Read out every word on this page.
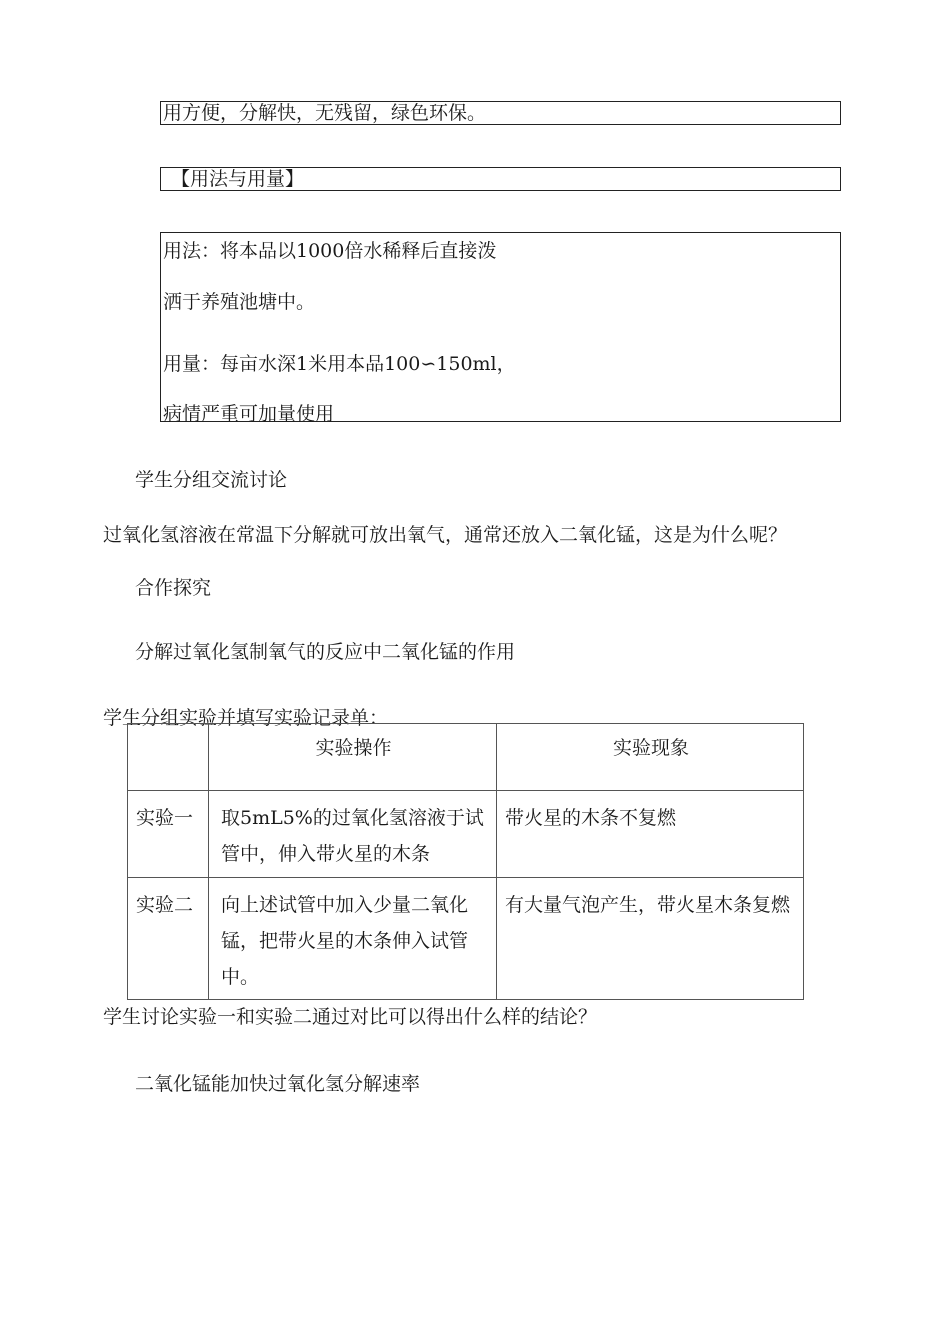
用方便，分解快，无残留，绿色环保。
【用法与用量】
用法：将本品以1000倍水稀释后直接泼
洒于养殖池塘中。
用量：每亩水深1米用本品100∽150ml，
病情严重可加量使用
学生分组交流讨论
过氧化氢溶液在常温下分解就可放出氧气，通常还放入二氧化锰，这是为什么呢？
合作探究
分解过氧化氢制氧气的反应中二氧化锰的作用
学生分组实验并填写实验记录单：

	实验操作	实验现象

实验一	取5mL5%的过氧化氢溶液于试管中，伸入带火星的木条	带火星的木条不复燃

实验二	向上述试管中加入少量二氧化锰，把带火星的木条伸入试管中。	有大量气泡产生，带火星木条复燃
学生讨论实验一和实验二通过对比可以得出什么样的结论？
二氧化锰能加快过氧化氢分解速率
